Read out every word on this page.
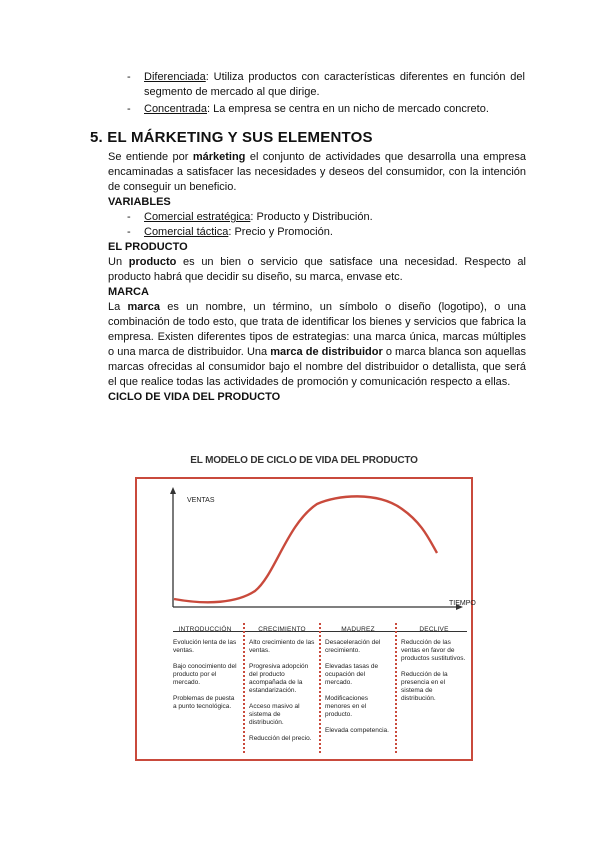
-	Diferenciada: Utiliza productos con características diferentes en función del segmento de mercado al que dirige.
-	Concentrada: La empresa se centra en un nicho de mercado concreto.
5. EL MÁRKETING Y SUS ELEMENTOS

Se entiende por márketing el conjunto de actividades que desarrolla una empresa encaminadas a satisfacer las necesidades y deseos del consumidor, con la intención de conseguir un beneficio.

VARIABLES
-	Comercial estratégica: Producto y Distribución.
-	Comercial táctica: Precio y Promoción.
EL PRODUCTO

Un producto es un bien o servicio que satisface una necesidad. Respecto al producto habrá que decidir su diseño, su marca, envase etc.

MARCA

La marca es un nombre, un término, un símbolo o diseño (logotipo), o una combinación de todo esto, que trata de identificar los bienes y servicios que fabrica la empresa. Existen diferentes tipos de estrategias: una marca única, marcas múltiples o una marca de distribuidor. Una marca de distribuidor o marca blanca son aquellas marcas ofrecidas al consumidor bajo el nombre del distribuidor o detallista, que será el que realice todas las actividades de promoción y comunicación respecto a ellas.

CICLO DE VIDA DEL PRODUCTO
EL MODELO DE CICLO DE VIDA DEL PRODUCTO
VENTAS
TIEMPO
INTRODUCCIÓN
Evolución lenta de las ventas.
Bajo conocimiento del producto por el mercado.
Problemas de puesta a punto tecnológica.
CRECIMIENTO
Alto crecimiento de las ventas.
Progresiva adopción del producto acompañada de la estandarización.
Acceso masivo al sistema de distribución.
Reducción del precio.
MADUREZ
Desaceleración del crecimiento.
Elevadas tasas de ocupación del mercado.
Modificaciones menores en el producto.
Elevada competencia.
DECLIVE
Reducción de las ventas en favor de productos sustitutivos.
Reducción de la presencia en el sistema de distribución.
